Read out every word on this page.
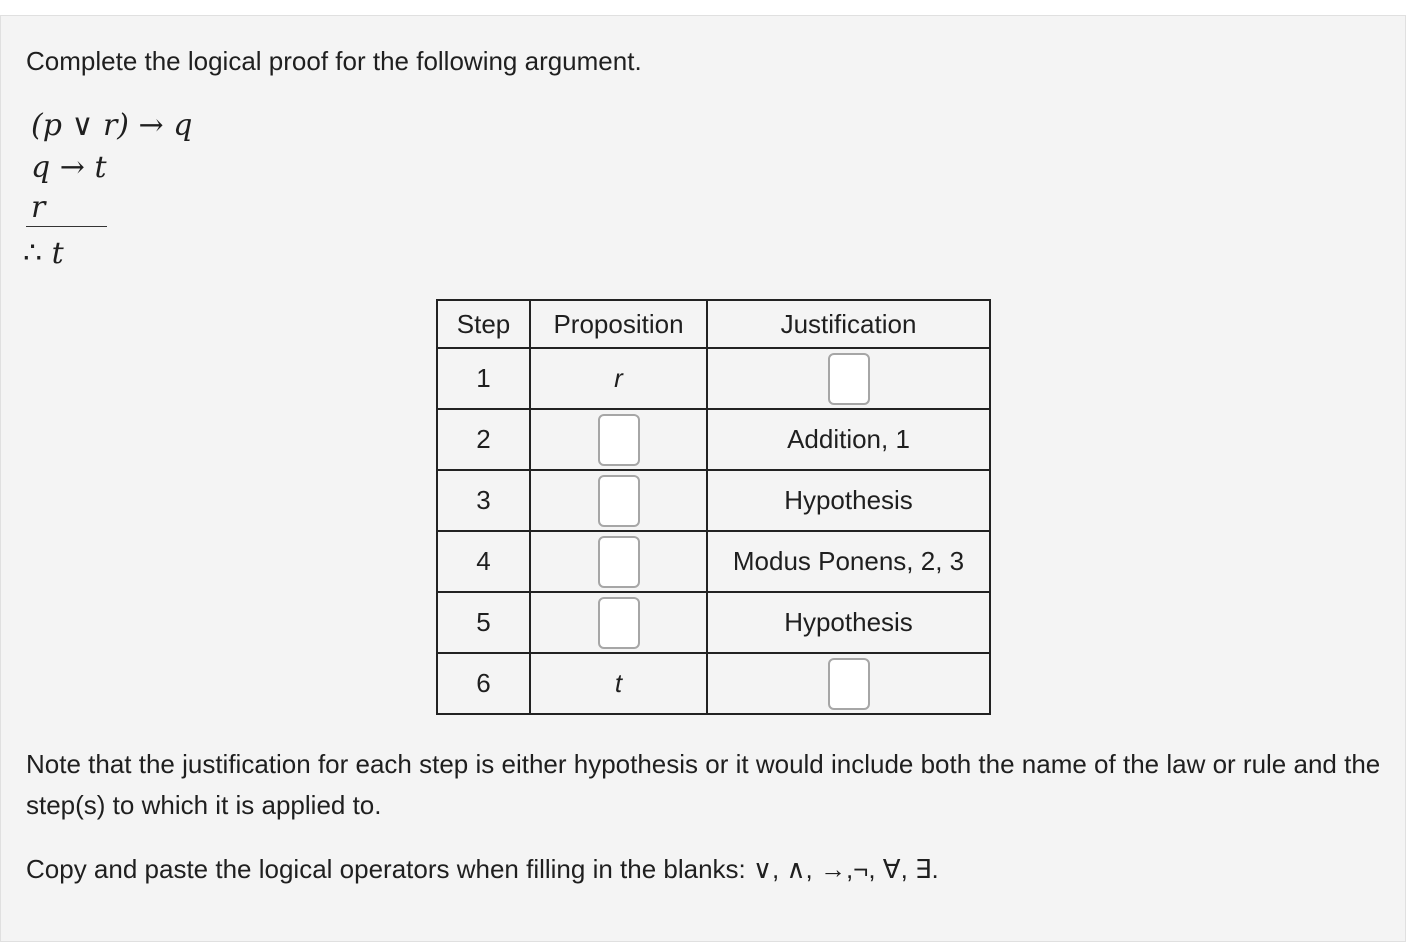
Complete the logical proof for the following argument.

(p ∨ r) → q
q → t
r
∴ t
Step	Proposition	Justification
1	r	
2		Addition, 1
3		Hypothesis
4		Modus Ponens, 2, 3
5		Hypothesis
6	t	

Note that the justification for each step is either hypothesis or it would include both the name of the law or rule and the step(s) to which it is applied to.

Copy and paste the logical operators when filling in the blanks: ∨, ∧, →,¬, ∀, ∃.
